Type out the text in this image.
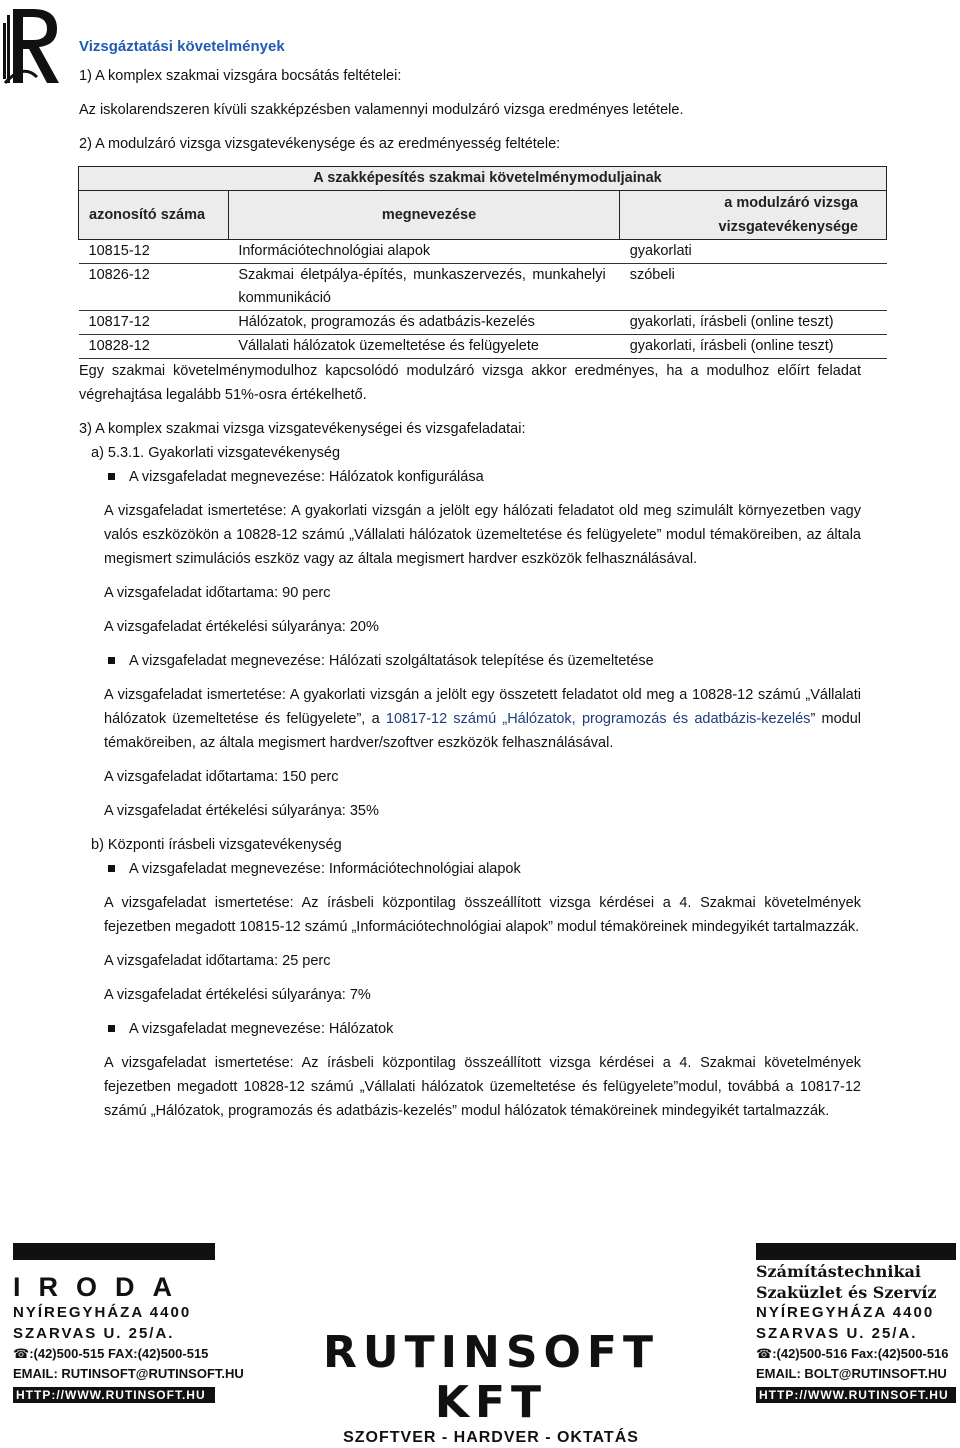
Vizsgáztatási követelmények

1) A komplex szakmai vizsgára bocsátás feltételei:

Az iskolarendszeren kívüli szakképzésben valamennyi modulzáró vizsga eredményes letétele.

2) A modulzáró vizsga vizsgatevékenysége és az eredményesség feltétele:

A szakképesítés szakmai követelménymoduljainak		
azonosító száma	megnevezése	a modulzáró vizsga
vizsgatevékenysége
10815-12	Információtechnológiai alapok	gyakorlati
10826-12	Szakmai életpálya-építés, munkaszervezés, munkahelyi kommunikáció	szóbeli
10817-12	Hálózatok, programozás és adatbázis-kezelés	gyakorlati, írásbeli (online teszt)
10828-12	Vállalati hálózatok üzemeltetése és felügyelete	gyakorlati, írásbeli (online teszt)

Egy szakmai követelménymodulhoz kapcsolódó modulzáró vizsga akkor eredményes, ha a modulhoz előírt feladat végrehajtása legalább 51%-osra értékelhető.

3) A komplex szakmai vizsga vizsgatevékenységei és vizsgafeladatai:

a) 5.3.1. Gyakorlati vizsgatevékenység

A vizsgafeladat megnevezése: Hálózatok konfigurálása

A vizsgafeladat ismertetése: A gyakorlati vizsgán a jelölt egy hálózati feladatot old meg szimulált környezetben vagy valós eszközökön a 10828-12 számú „Vállalati hálózatok üzemeltetése és felügyelete” modul témaköreiben, az általa megismert szimulációs eszköz vagy az általa megismert hardver eszközök felhasználásával.

A vizsgafeladat időtartama: 90 perc

A vizsgafeladat értékelési súlyaránya: 20%

A vizsgafeladat megnevezése: Hálózati szolgáltatások telepítése és üzemeltetése

A vizsgafeladat ismertetése: A gyakorlati vizsgán a jelölt egy összetett feladatot old meg a 10828-12 számú „Vállalati hálózatok üzemeltetése és felügyelete”, a 10817-12 számú „Hálózatok, programozás és adatbázis-kezelés” modul témaköreiben, az általa megismert hardver/szoftver eszközök felhasználásával.

A vizsgafeladat időtartama: 150 perc

A vizsgafeladat értékelési súlyaránya: 35%

b) Központi írásbeli vizsgatevékenység

A vizsgafeladat megnevezése: Információtechnológiai alapok

A vizsgafeladat ismertetése: Az írásbeli központilag összeállított vizsga kérdései a 4. Szakmai követelmények fejezetben megadott 10815-12 számú „Információtechnológiai alapok” modul témaköreinek mindegyikét tartalmazzák.

A vizsgafeladat időtartama: 25 perc

A vizsgafeladat értékelési súlyaránya: 7%

A vizsgafeladat megnevezése: Hálózatok

A vizsgafeladat ismertetése: Az írásbeli központilag összeállított vizsga kérdései a 4. Szakmai követelmények fejezetben megadott 10828-12 számú „Vállalati hálózatok üzemeltetése és felügyelete”modul, továbbá a 10817-12 számú „Hálózatok, programozás és adatbázis-kezelés” modul hálózatok témaköreinek mindegyikét tartalmazzák.

IRODA
NYÍREGYHÁZA 4400
SZARVAS U. 25/A.
☎:(42)500-515 FAX:(42)500-515
EMAIL: RUTINSOFT@RUTINSOFT.HU
HTTP://WWW.RUTINSOFT.HU
RUTINSOFT KFT
SZOFTVER - HARDVER - OKTATÁS
Számítástechnikai
Szaküzlet és Szervíz
NYÍREGYHÁZA 4400
SZARVAS U. 25/A.
☎:(42)500-516 Fax:(42)500-516
EMAIL: BOLT@RUTINSOFT.HU
HTTP://WWW.RUTINSOFT.HU
